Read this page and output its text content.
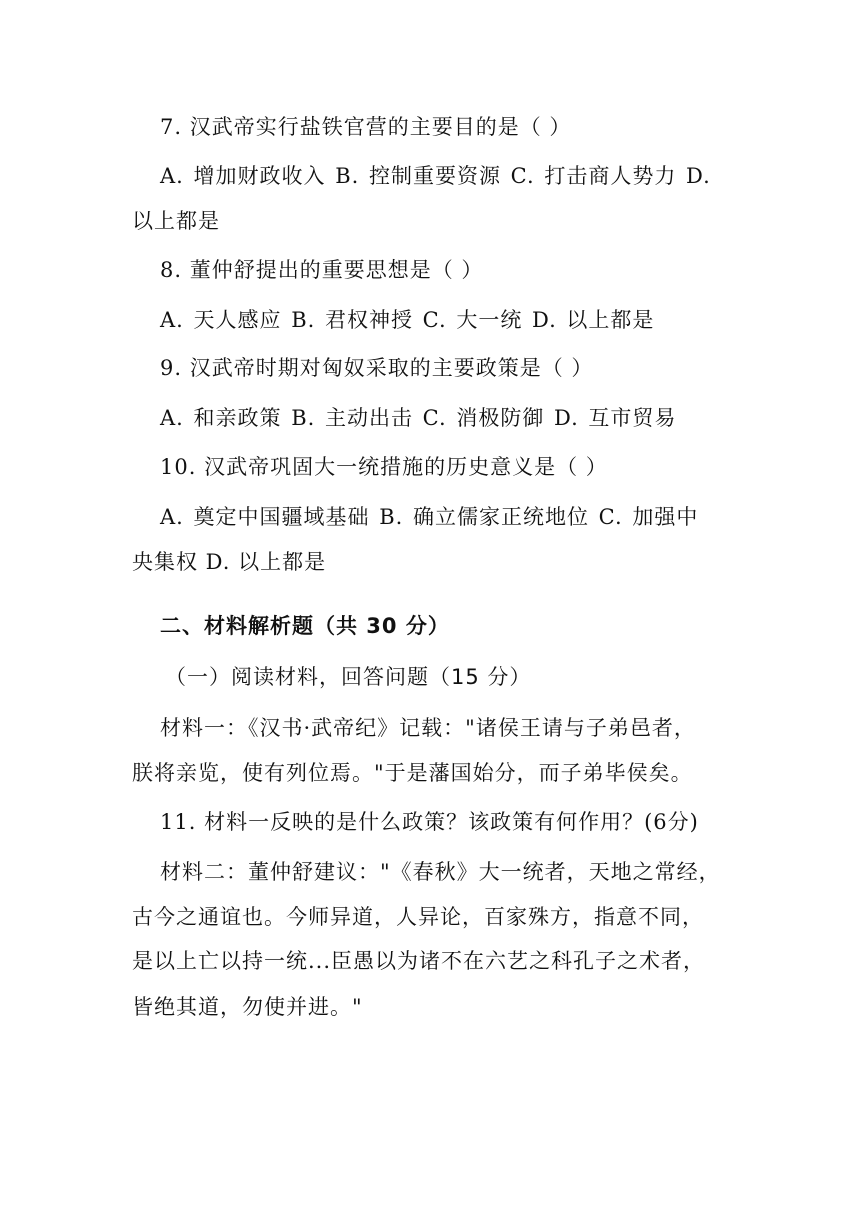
7. 汉武帝实行盐铁官营的主要目的是（ ）
A. 增加财政收入 B. 控制重要资源 C. 打击商人势力 D.
以上都是
8. 董仲舒提出的重要思想是（ ）
A. 天人感应 B. 君权神授 C. 大一统 D. 以上都是
9. 汉武帝时期对匈奴采取的主要政策是（ ）
A. 和亲政策 B. 主动出击 C. 消极防御 D. 互市贸易
10. 汉武帝巩固大一统措施的历史意义是（ ）
A. 奠定中国疆域基础 B. 确立儒家正统地位 C. 加强中
央集权 D. 以上都是
二、材料解析题（共 30 分）
（一）阅读材料，回答问题（15 分）
材料一：《汉书·武帝纪》记载："诸侯王请与子弟邑者，
朕将亲览，使有列位焉。"于是藩国始分，而子弟毕侯矣。
11. 材料一反映的是什么政策？该政策有何作用？(6分)
材料二：董仲舒建议："《春秋》大一统者，天地之常经，
古今之通谊也。今师异道，人异论，百家殊方，指意不同，
是以上亡以持一统...臣愚以为诸不在六艺之科孔子之术者，
皆绝其道，勿使并进。"
